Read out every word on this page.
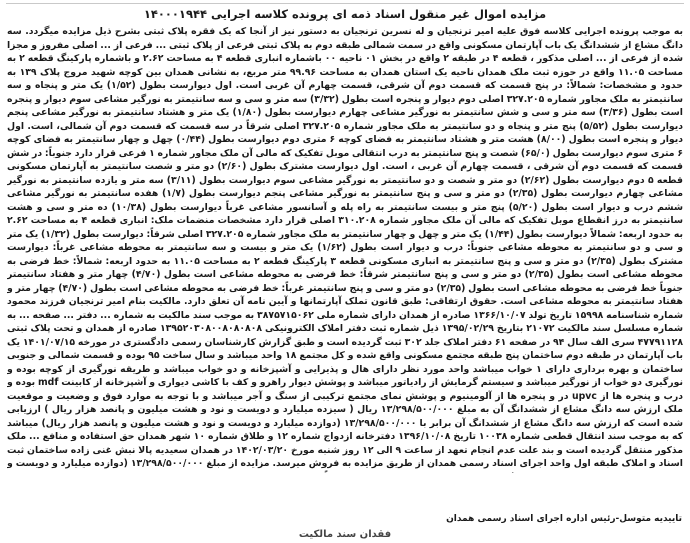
مزایده اموال غیر منقول اسناد ذمه ای پرونده کلاسه اجرایی ۱۴۰۰۰۱۹۴۴
به موجب پرونده اجرایی کلاسه فوق علیه امیر ترنجیان و له نسرین ترنجیان به دستور نیز از آنجا که یک فقره پلاک ثبتی بشرح ذیل مزایده میگردد. سه دانگ مشاع از ششدانگ یک باب آپارتمان مسکونی واقع در سمت شمالی طبقه دوم به پلاک ثبتی فرعی از پلاک ثبتی ... فرعی از ... اصلی مفروز و مجزا شده از فرعی از ... اصلی مذکور ، قطعه ۴ در طبقه ۲ واقع در بخش ۰۱ ناحیه ۰۰ باشماره انباری قطعه ۴ به مساحت ۲.۶۲ و باشماره پارکینگ قطعه ۲ به مساحت ۱۱.۰۵ واقع در حوزه ثبت ملک همدان ناحیه یک استان همدان به مساحت ۹۹.۹۶ متر مربع، به نشانی همدان بین کوچه شهید مروج پلاک ۱۳۹ به حدود و مشخصات: شمالاً: در پنج قسمت که قسمت دوم آن شرقی، قسمت چهارم آن غربی است. اول دیوارست بطول (۱/۵۲) یک متر و پنجاه و سه سانتیمتر به ملک مجاور شماره ۳۲۷.۲۰۵ اصلی دوم دیوار و پنجره است بطول (۳/۳۲) سه متر و سی و سه سانتیمتر به نورگیر مشاعی سوم دیوار و پنجره است بطول (۳/۳۶) سه متر و سی و شش سانتیمتر به نورگیر مشاعی چهارم دیوارست بطول (۱/۸۰) یک متر و هشتاد سانتیمتر به نورگیر مشاعی پنجم دیوارست بطول (۵/۵۲) پنج متر و پنجاه و دو سانتیمتر به ملک مجاور شماره ۳۲۷.۲۰۵ اصلی شرقاً در سه قسمت که قسمت دوم آن شمالی، است. اول دیوار و پنجره است بطول (۸/۰۰) هشت متر و هشتاد سانتیمتر به فضای کوچه ۶ متری دوم دیوارست بطول (۰/۴۴) چهل و چهار سانتیمتر به فضای کوچه ۶ متری سوم دیوارست بطول (۶۵/۰) شصت و پنج سانتیمتر به درب انتقالی موبل تفکیک که مالی آن ملک مجاور شماره ۱ فرعی قرار دارد جنوباً: در شش قسمت که قسمت دوم آن شرقی ، قسمت چهارم آن غربی ، است. اول دیوارست مشترک بطول (۲/۶۰) دو متر و شصت سانتیمتر به آپارتمان مسکونی قطعه ۵ دوم دیوارست بطول (۲/۶۲) دو متر و شصت و دو سانتیمتر به نورگیر مشاعی سوم دیوارست بطول (۳/۱۱) سه متر و یازده سانتیمتر به نورگیر مشاعی چهارم دیوارست بطول (۲/۳۵) دو متر و سی و پنج سانتیمتر به نورگیر مشاعی پنجم دیوارست بطول (۱/۷) هفده سانتیمتر به نورگیر مشاعی ششم درب و دیوار است بطول (۵/۲۰) پنج متر و بیست سانتیمتر به راه پله و آسانسور مشاعی غرباً دیوارست بطول (۱۰/۳۸) ده متر و سی و هشت سانتیمتر به درز انقطاع موبل تفکیک که مالی آن ملک مجاور شماره ۳۱۰.۲۰۸ اصلی قرار دارد مشخصات منضمات ملک: انباری قطعه ۴ به مساحت ۲.۶۲ به حدود اربعه: شمالاً دیوارست بطول (۱/۴۴) یک متر و چهل و چهار سانتیمتر به ملک مجاور شماره ۳۲۷.۲۰۵ اصلی شرقاً: دیوارست بطول (۱/۳۲) یک متر و سی و دو سانتیمتر به محوطه مشاعی جنوباً: درب و دیوار است بطول (۱/۶۲) یک متر و بیست و سه سانتیمتر به محوطه مشاعی غرباً: دیوارست مشترک بطول (۲/۳۵) دو متر و سی و پنج سانتیمتر به انباری مسکونی قطعه ۳ پارکینگ قطعه ۲ به مساحت ۱۱.۰۵ به حدود اربعه: شمالاً: خط فرضی به محوطه مشاعی است بطول (۲/۳۵) دو متر و سی و پنج سانتیمتر شرقاً: خط فرضی به محوطه مشاعی است بطول (۴/۷۰) چهار متر و هفتاد سانتیمتر جنوباً خط فرضی به محوطه مشاعی است بطول (۲/۳۵) دو متر و سی و پنج سانتیمتر غرباً: خط فرضی به محوطه مشاعی است بطول (۴/۷۰) چهار متر و هفتاد سانتیمتر به محوطه مشاعی است. حقوق ارتفاقی: طبق قانون تملک آپارتمانها و آیین نامه آن تعلق دارد. مالکیت بنام امیر ترنجیان فرزند محمود شماره شناسنامه ۱۵۹۹۸ تاریخ تولد ۱۳۶۶/۱۰/۰۷ صادره از همدان دارای شماره ملی ۳۸۷۵۷۱۵۰۶۲ به موجب سند مالکیت به شماره ... دفتر ... صفحه ... به شماره مسلسل سند مالکیت ۲۱۰۷۲ بتاریخ ۱۳۹۵/۰۲/۲۹ ذیل شماره ثبت دفتر املاک الکترونیکی ۱۳۹۵۲۰۳۰۸۰۰۸۰۸۰۸۰۸ صادره از همدان و تحت پلاک ثبتی ۴۷۷۹۱۱۲۸ سری الف سال ۹۴ در صفحه ۶۱ دفتر املاک جلد ۳۰۲ ثبت گردیده است و طبق گزارش کارشناسان رسمی دادگستری در مورخه ۱۴۰۱/۰۷/۱۵ یک باب آپارتمان در طبقه دوم ساختمان پنج طبقه مجتمع مسکونی واقع شده و کل مجتمع ۱۸ واحد میباشد و سال ساخت ۹۵ بوده و قسمت شمالی و جنوبی ساختمان و بهره برداری دارای ۱ خواب میباشد واحد مورد نظر دارای هال و پذیرایی و آشپزخانه و دو خواب میباشد و طریقه نورگیری از کوچه بوده و نورگیری دو خواب از نورگیر میباشد و سیستم گرمایش از رادیاتور میباشد و پوشش دیوار راهرو و کف با کاشی دیواری و آشپزخانه از کابینت mdf بوده و درب و پنجره ها از upvc در و پنجره ها از آلومینیوم و پوشش نمای مجتمع ترکیبی از سنگ و آجر میباشد و با توجه به موارد فوق و وضعیت و موقعیت ملک ارزش سه دانگ مشاع از ششدانگ آن به مبلغ ۱۳/۲۹۸/۵۰۰/۰۰۰ ریال ( سیزده میلیارد و دویست و نود و هشت میلیون و پانصد هزار ریال ) ارزیابی شده است که ارزش سه دانگ مشاع از ششدانگ آن برابر با ۱۳/۲۹۸/۵۰۰/۰۰۰ (دوازده میلیارد و دویست و نود و هشت میلیون و پانصد هزار ریال) میباشد که به موجب سند انتقال قطعی شماره ۱۰۰۳۸ تاریخ ۱۳۹۶/۱۰/۰۸ دفترخانه ازدواج شماره ۱۲ و طلاق شماره ۱۰ شهر همدان حق استفاده و منافع ... ملک مذکور منتقل گردیده است و بند علت عدم انجام تعهد از ساعت ۹ الی ۱۲ روز شنبه مورخ ۱۴۰۲/۰۳/۲۰ در همدان سعیدیه پالا نبش غنی زاده ساختمان ثبت اسناد و املاک طبقه اول واحد اجرای اسناد رسمی همدان از طریق مزایده به فروش میرسد. مزایده از مبلغ ۱۳/۲۹۸/۵۰۰/۰۰۰ (دوازده میلیارد و دویست و
تاییدیه متوسل-رئیس اداره اجرای اسناد رسمی همدان
فقدان سند مالکیت
